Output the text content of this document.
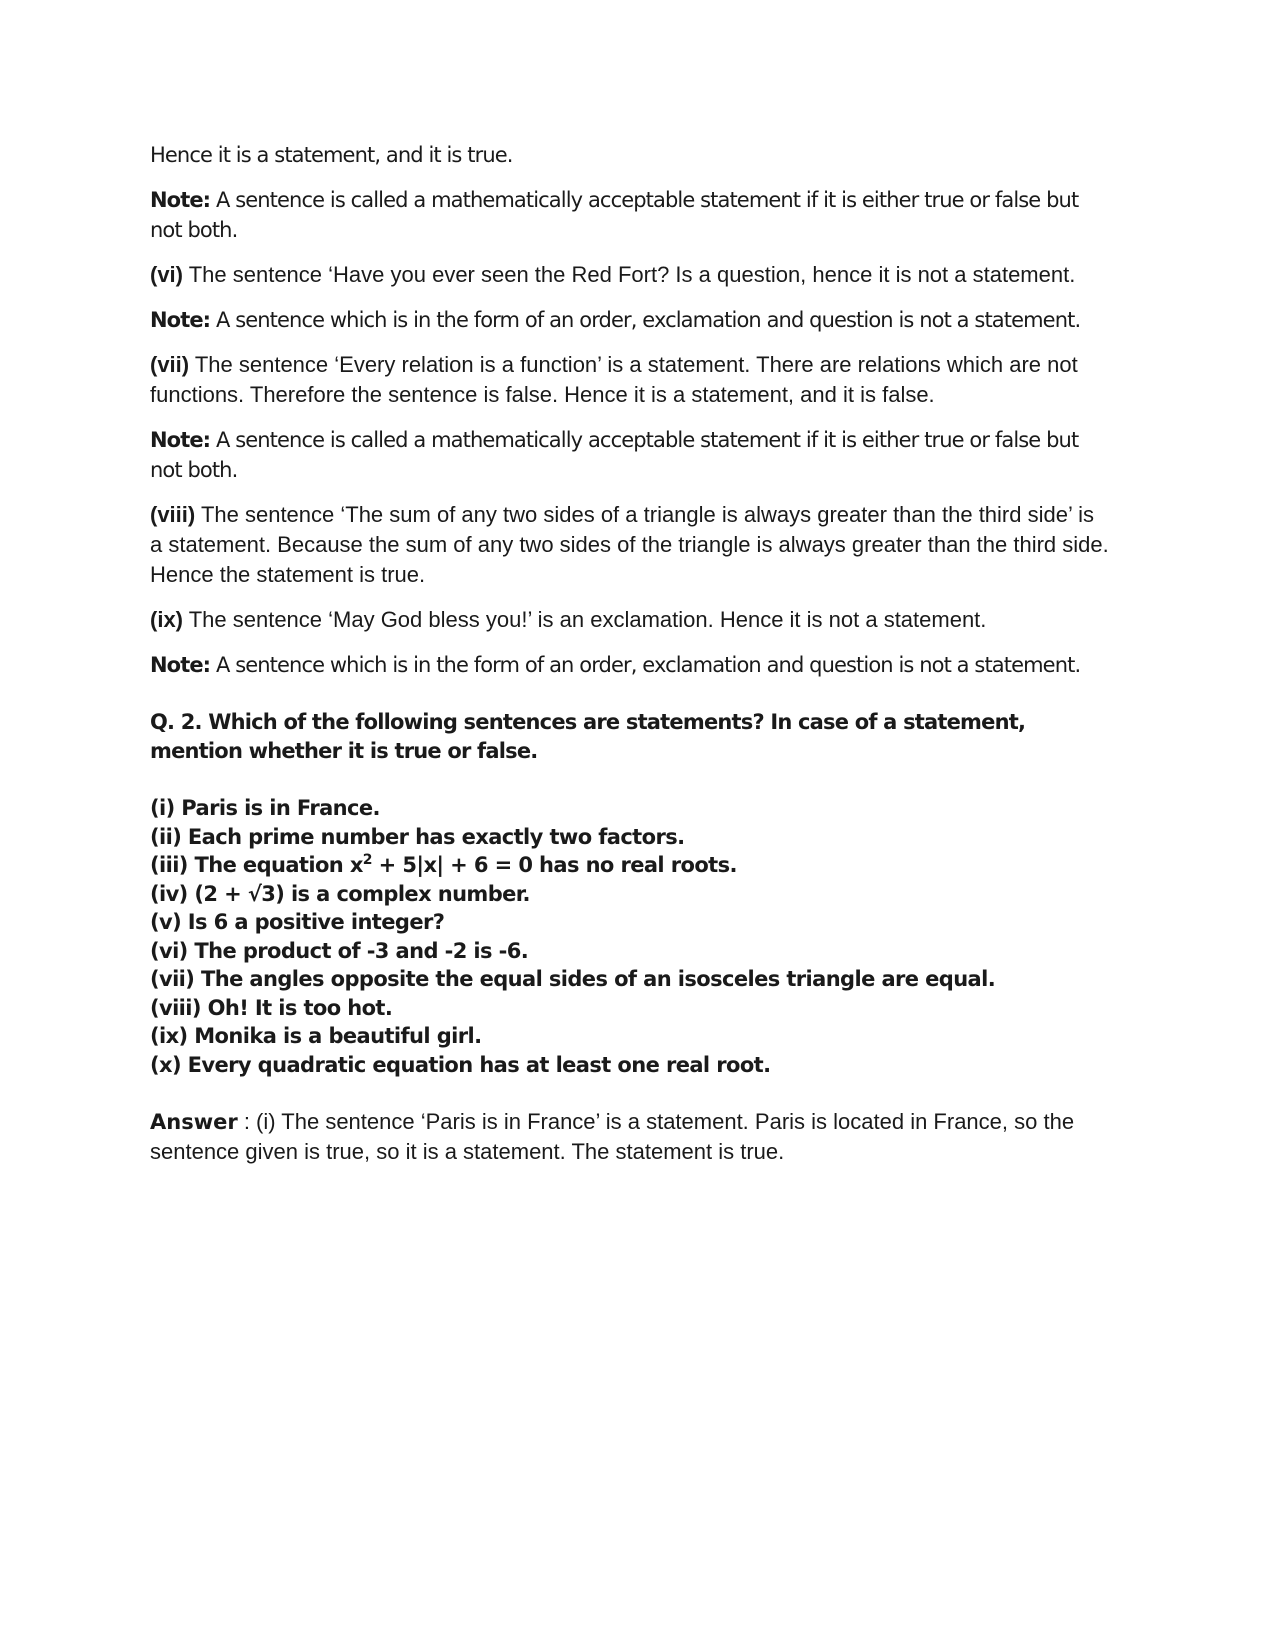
Hence it is a statement, and it is true.

Note: A sentence is called a mathematically acceptable statement if it is either true or false but not both.

(vi) The sentence ‘Have you ever seen the Red Fort? Is a question, hence it is not a statement.

Note: A sentence which is in the form of an order, exclamation and question is not a statement.

(vii) The sentence ‘Every relation is a function’ is a statement. There are relations which are not functions. Therefore the sentence is false. Hence it is a statement, and it is false.

Note: A sentence is called a mathematically acceptable statement if it is either true or false but not both.

(viii) The sentence ‘The sum of any two sides of a triangle is always greater than the third side’ is a statement. Because the sum of any two sides of the triangle is always greater than the third side. Hence the statement is true.

(ix) The sentence ‘May God bless you!’ is an exclamation. Hence it is not a statement.

Note: A sentence which is in the form of an order, exclamation and question is not a statement.

Q. 2. Which of the following sentences are statements? In case of a statement, mention whether it is true or false.
(i) Paris is in France.
(ii) Each prime number has exactly two factors.
(iii) The equation $x^2 + 5|x| + 6 = 0$ has no real roots.
(iv) (2 + √3) is a complex number.
(v) Is 6 a positive integer?
(vi) The product of -3 and -2 is -6.
(vii) The angles opposite the equal sides of an isosceles triangle are equal.
(viii) Oh! It is too hot.
(ix) Monika is a beautiful girl.
(x) Every quadratic equation has at least one real root.

Answer : (i) The sentence ‘Paris is in France’ is a statement. Paris is located in France, so the sentence given is true, so it is a statement. The statement is true.
